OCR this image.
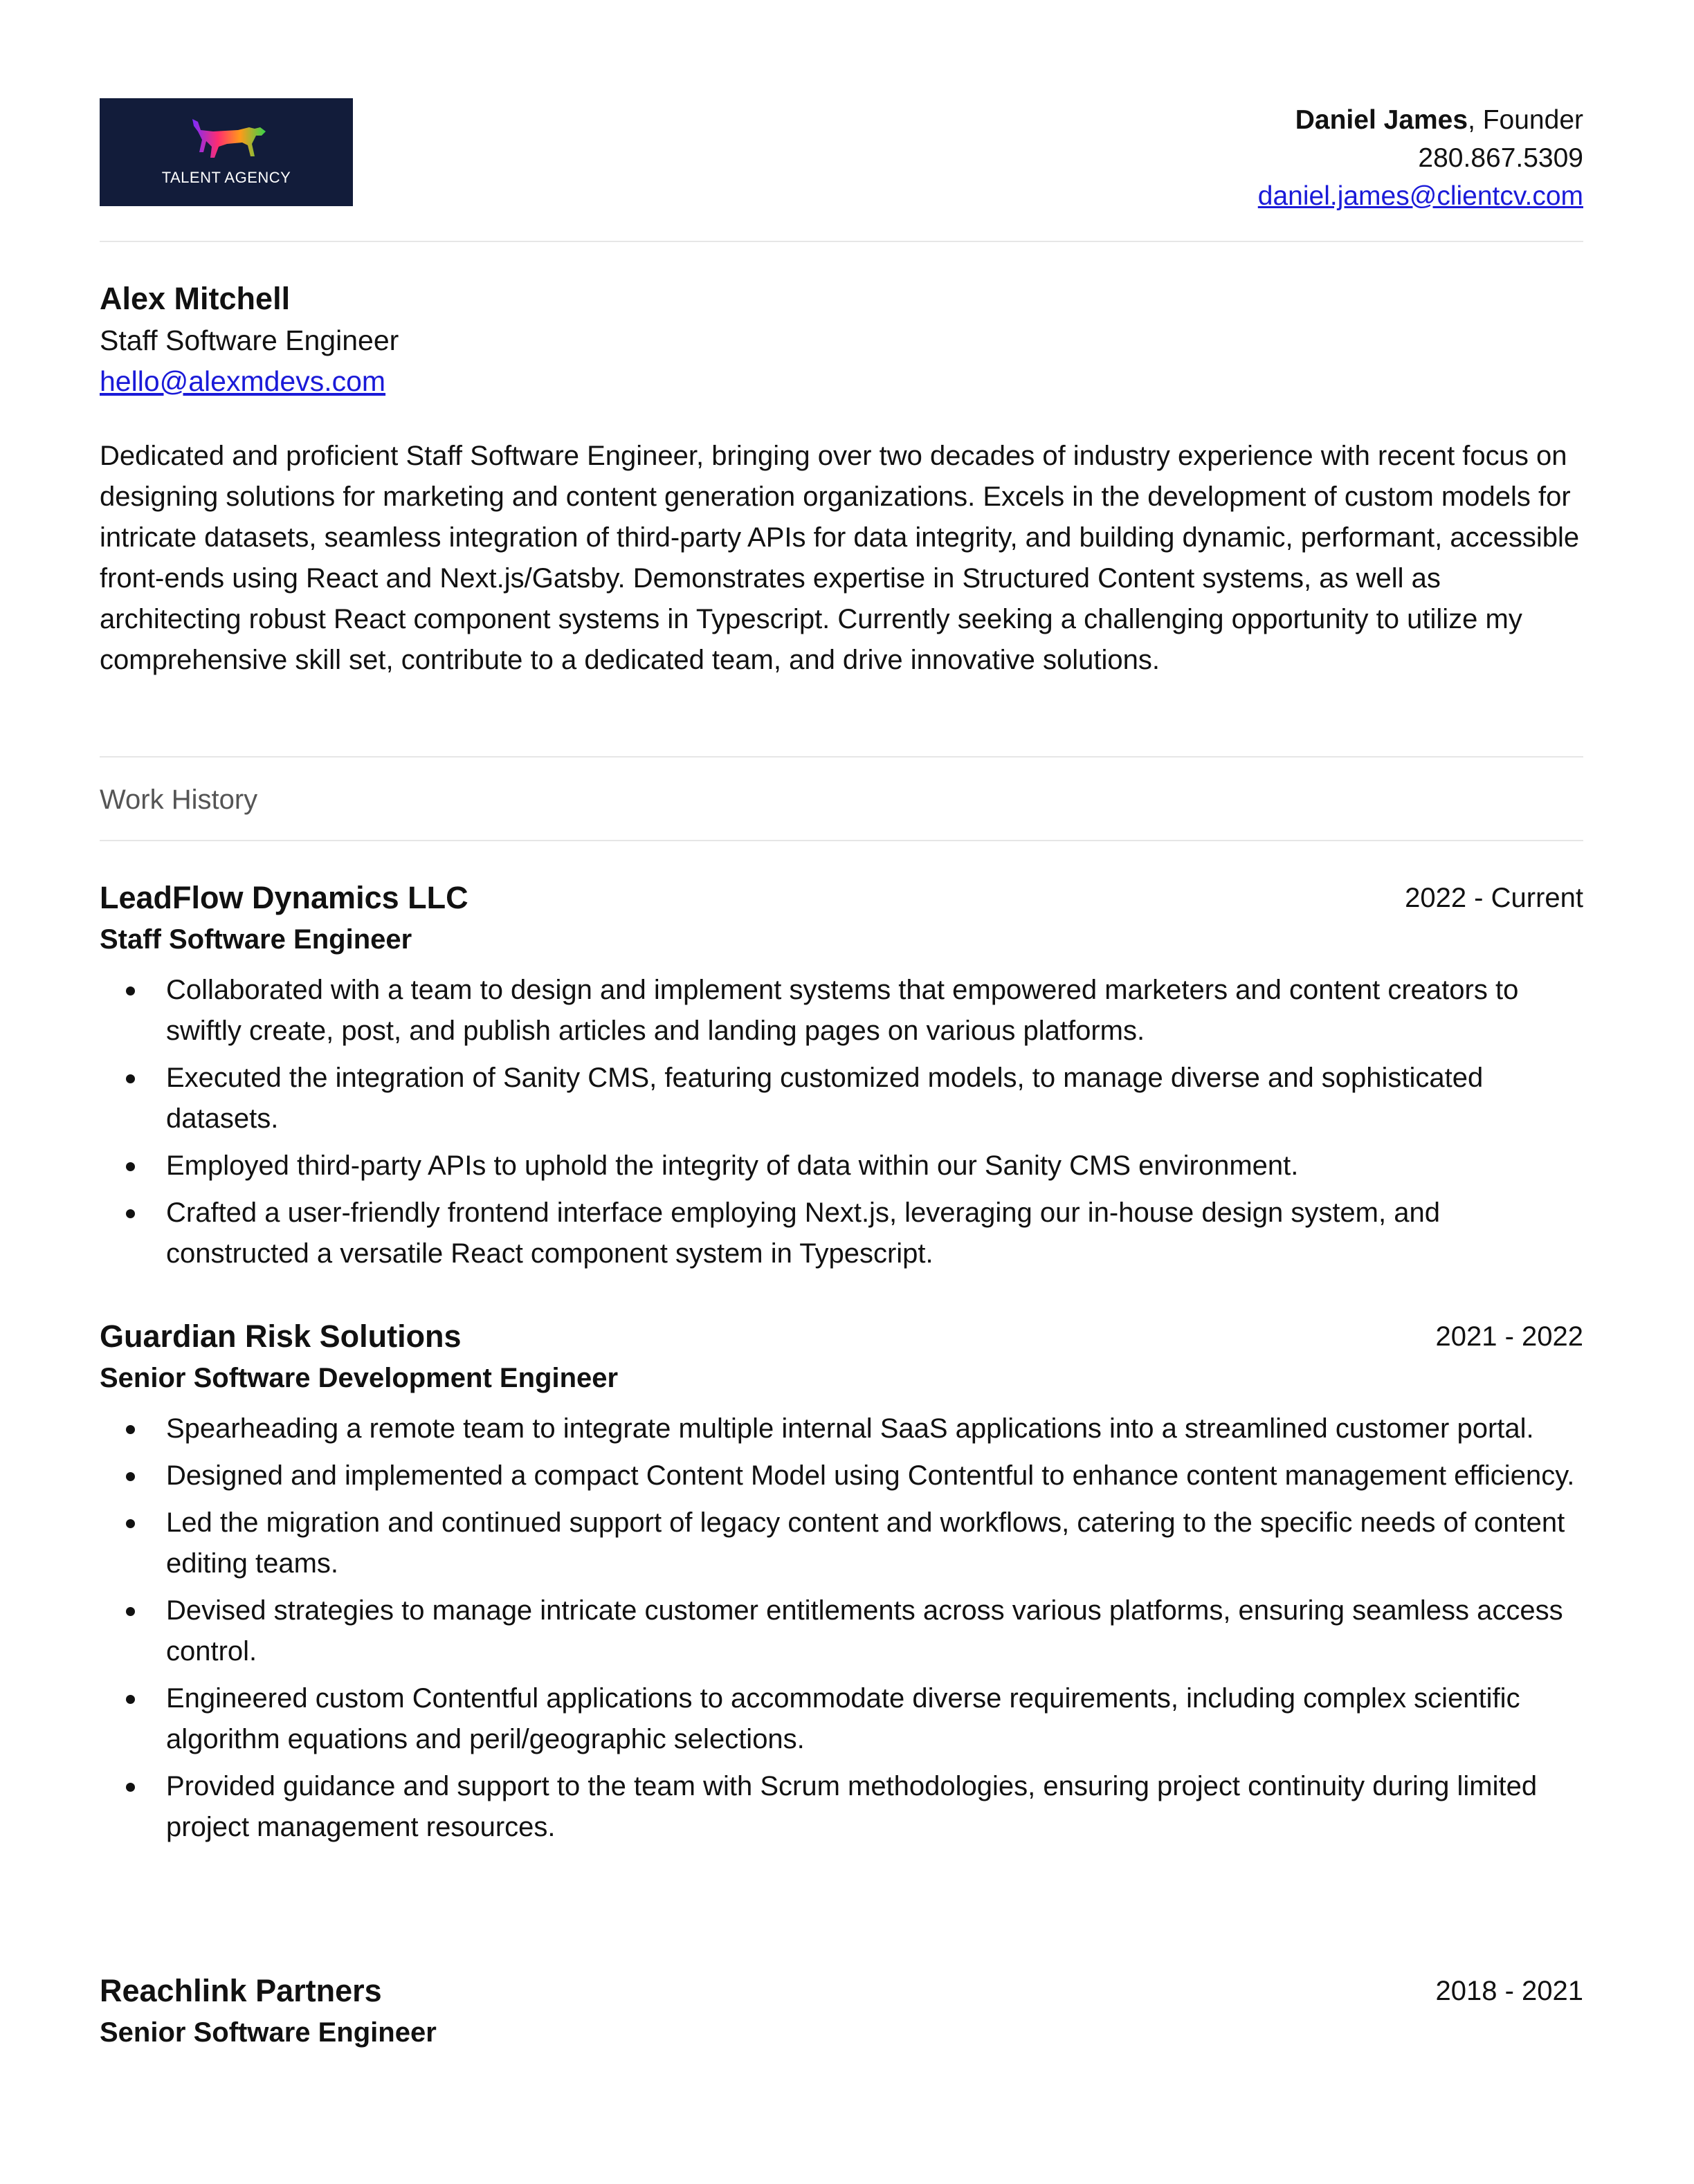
TALENT AGENCY
Daniel James, Founder
280.867.5309
daniel.james@clientcv.com
Alex Mitchell
Staff Software Engineer
hello@alexmdevs.com

Dedicated and proficient Staff Software Engineer, bringing over two decades of industry experience with recent focus on designing solutions for marketing and content generation organizations. Excels in the development of custom models for intricate datasets, seamless integration of third-party APIs for data integrity, and building dynamic, performant, accessible front-ends using React and Next.js/Gatsby. Demonstrates expertise in Structured Content systems, as well as architecting robust React component systems in Typescript. Currently seeking a challenging opportunity to utilize my comprehensive skill set, contribute to a dedicated team, and drive innovative solutions.

Work History
LeadFlow Dynamics LLC	2022 - Current
Staff Software Engineer
Collaborated with a team to design and implement systems that empowered marketers and content creators to swiftly create, post, and publish articles and landing pages on various platforms.
Executed the integration of Sanity CMS, featuring customized models, to manage diverse and sophisticated datasets.
Employed third-party APIs to uphold the integrity of data within our Sanity CMS environment.
Crafted a user-friendly frontend interface employing Next.js, leveraging our in-house design system, and constructed a versatile React component system in Typescript.
Guardian Risk Solutions	2021 - 2022
Senior Software Development Engineer
Spearheading a remote team to integrate multiple internal SaaS applications into a streamlined customer portal.
Designed and implemented a compact Content Model using Contentful to enhance content management efficiency.
Led the migration and continued support of legacy content and workflows, catering to the specific needs of content editing teams.
Devised strategies to manage intricate customer entitlements across various platforms, ensuring seamless access control.
Engineered custom Contentful applications to accommodate diverse requirements, including complex scientific algorithm equations and peril/geographic selections.
Provided guidance and support to the team with Scrum methodologies, ensuring project continuity during limited project management resources.
Reachlink Partners	2018 - 2021
Senior Software Engineer
